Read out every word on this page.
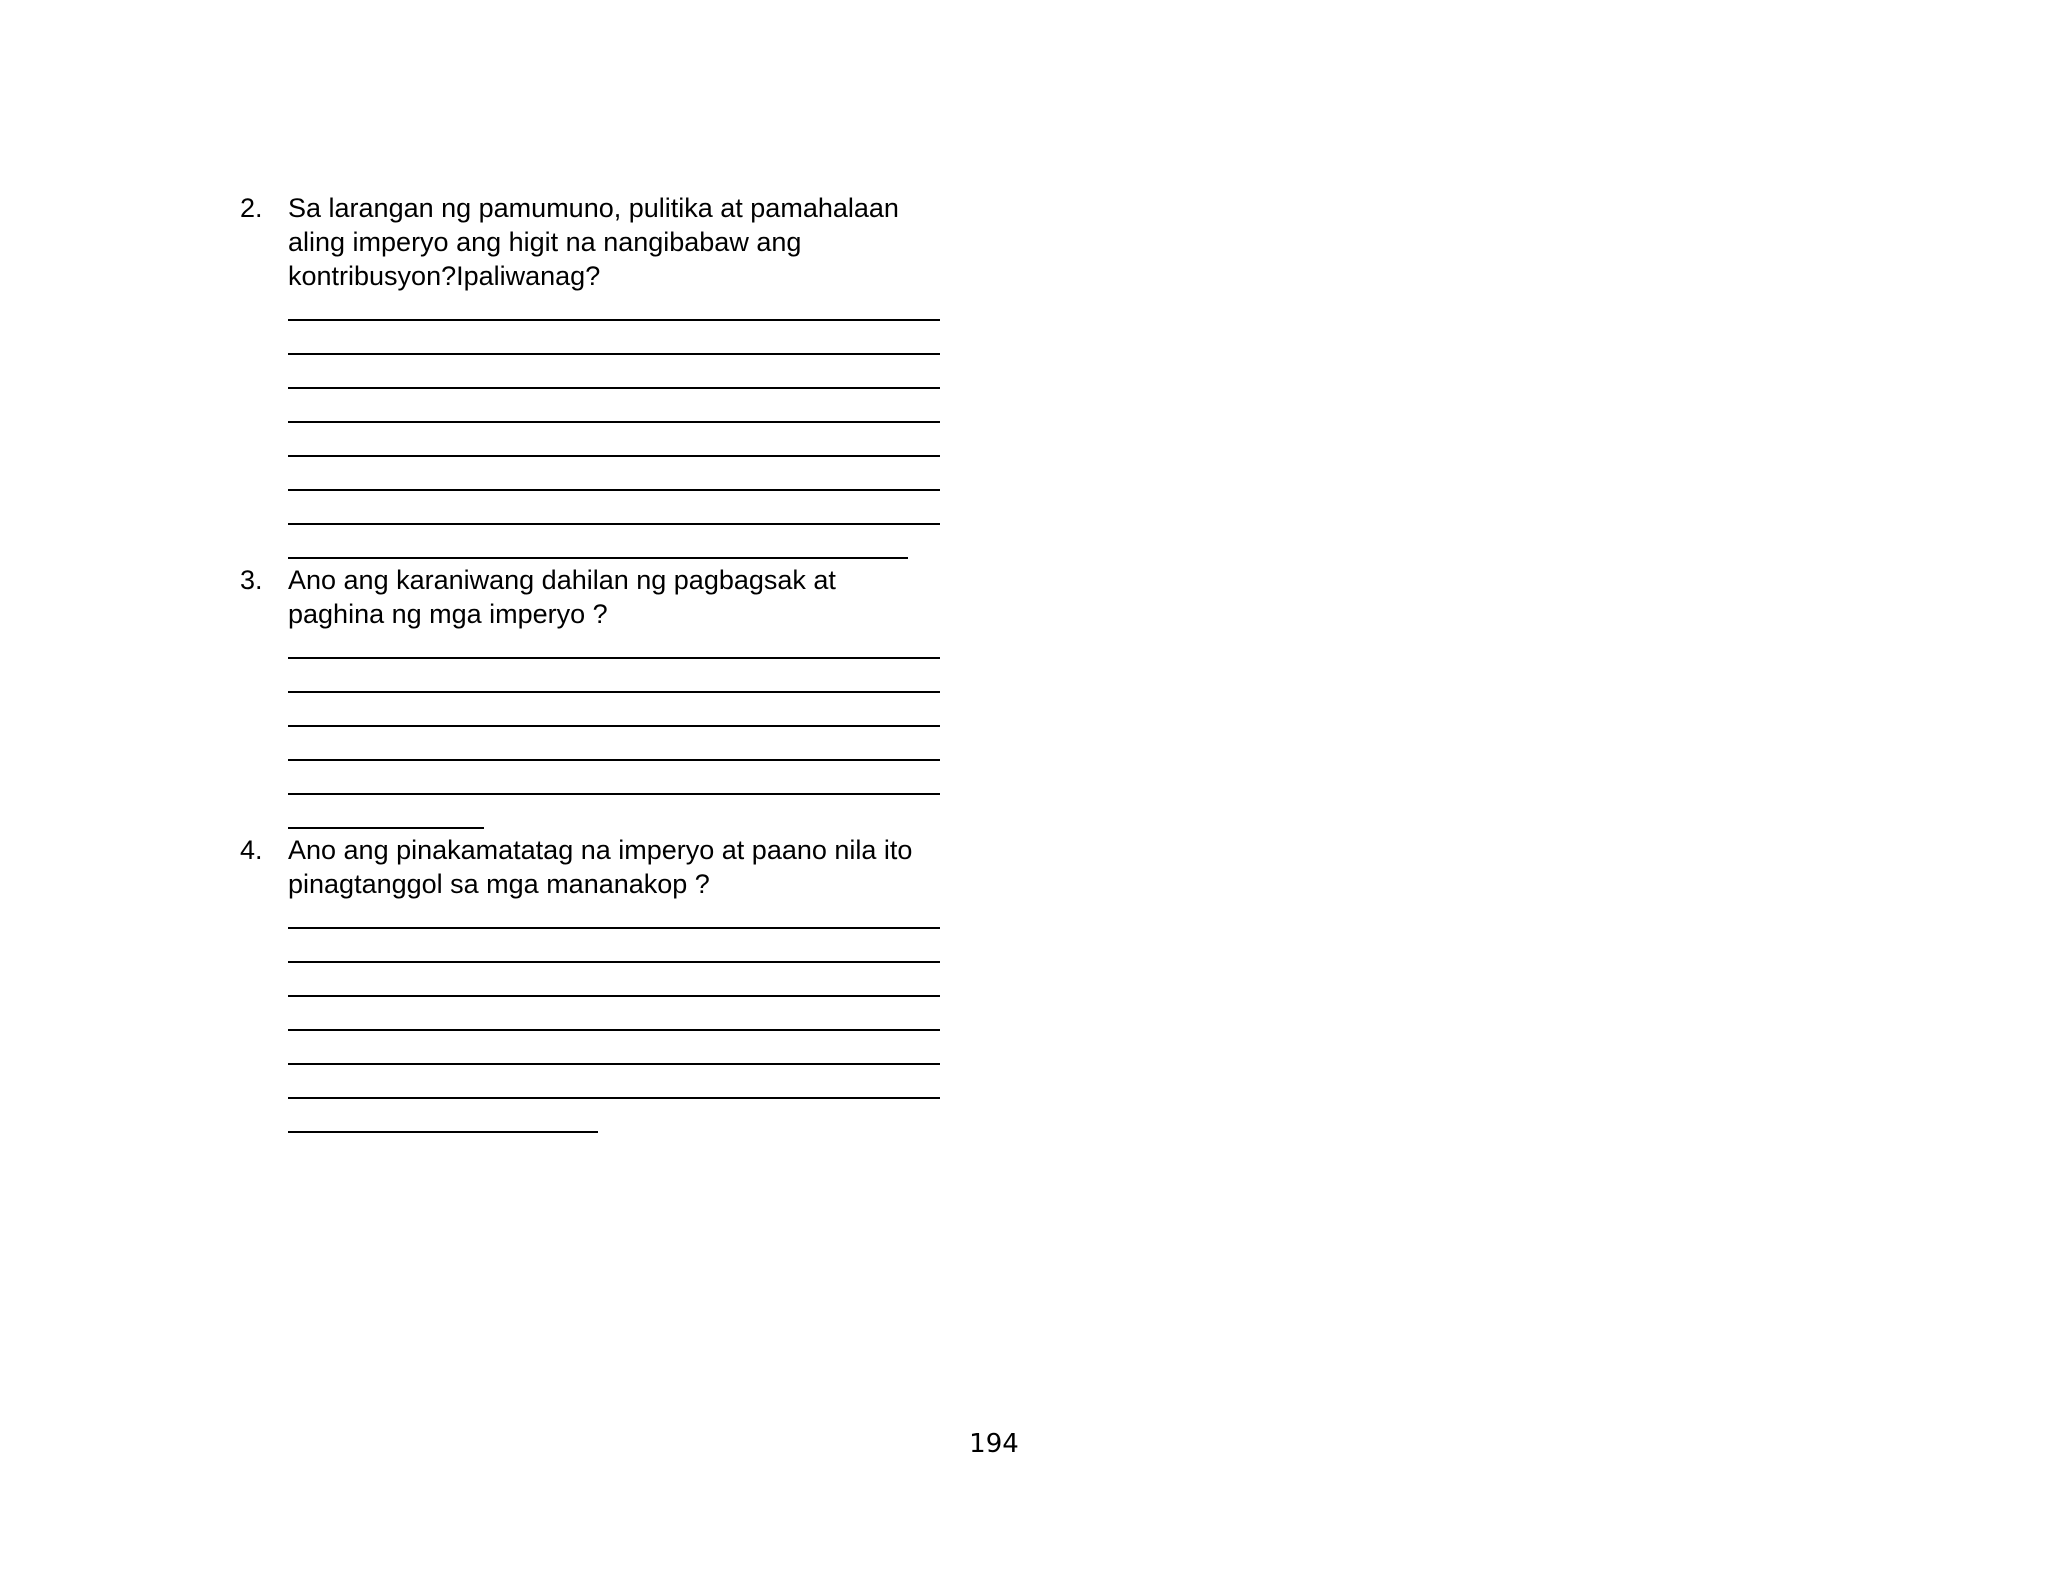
2. Sa larangan ng pamumuno, pulitika at pamahalaan
aling imperyo ang higit na nangibabaw ang
kontribusyon?Ipaliwanag?
3. Ano ang karaniwang dahilan ng pagbagsak at
paghina ng mga imperyo ?
4. Ano ang pinakamatatag na imperyo at paano nila ito
pinagtanggol sa mga mananakop ?
194
